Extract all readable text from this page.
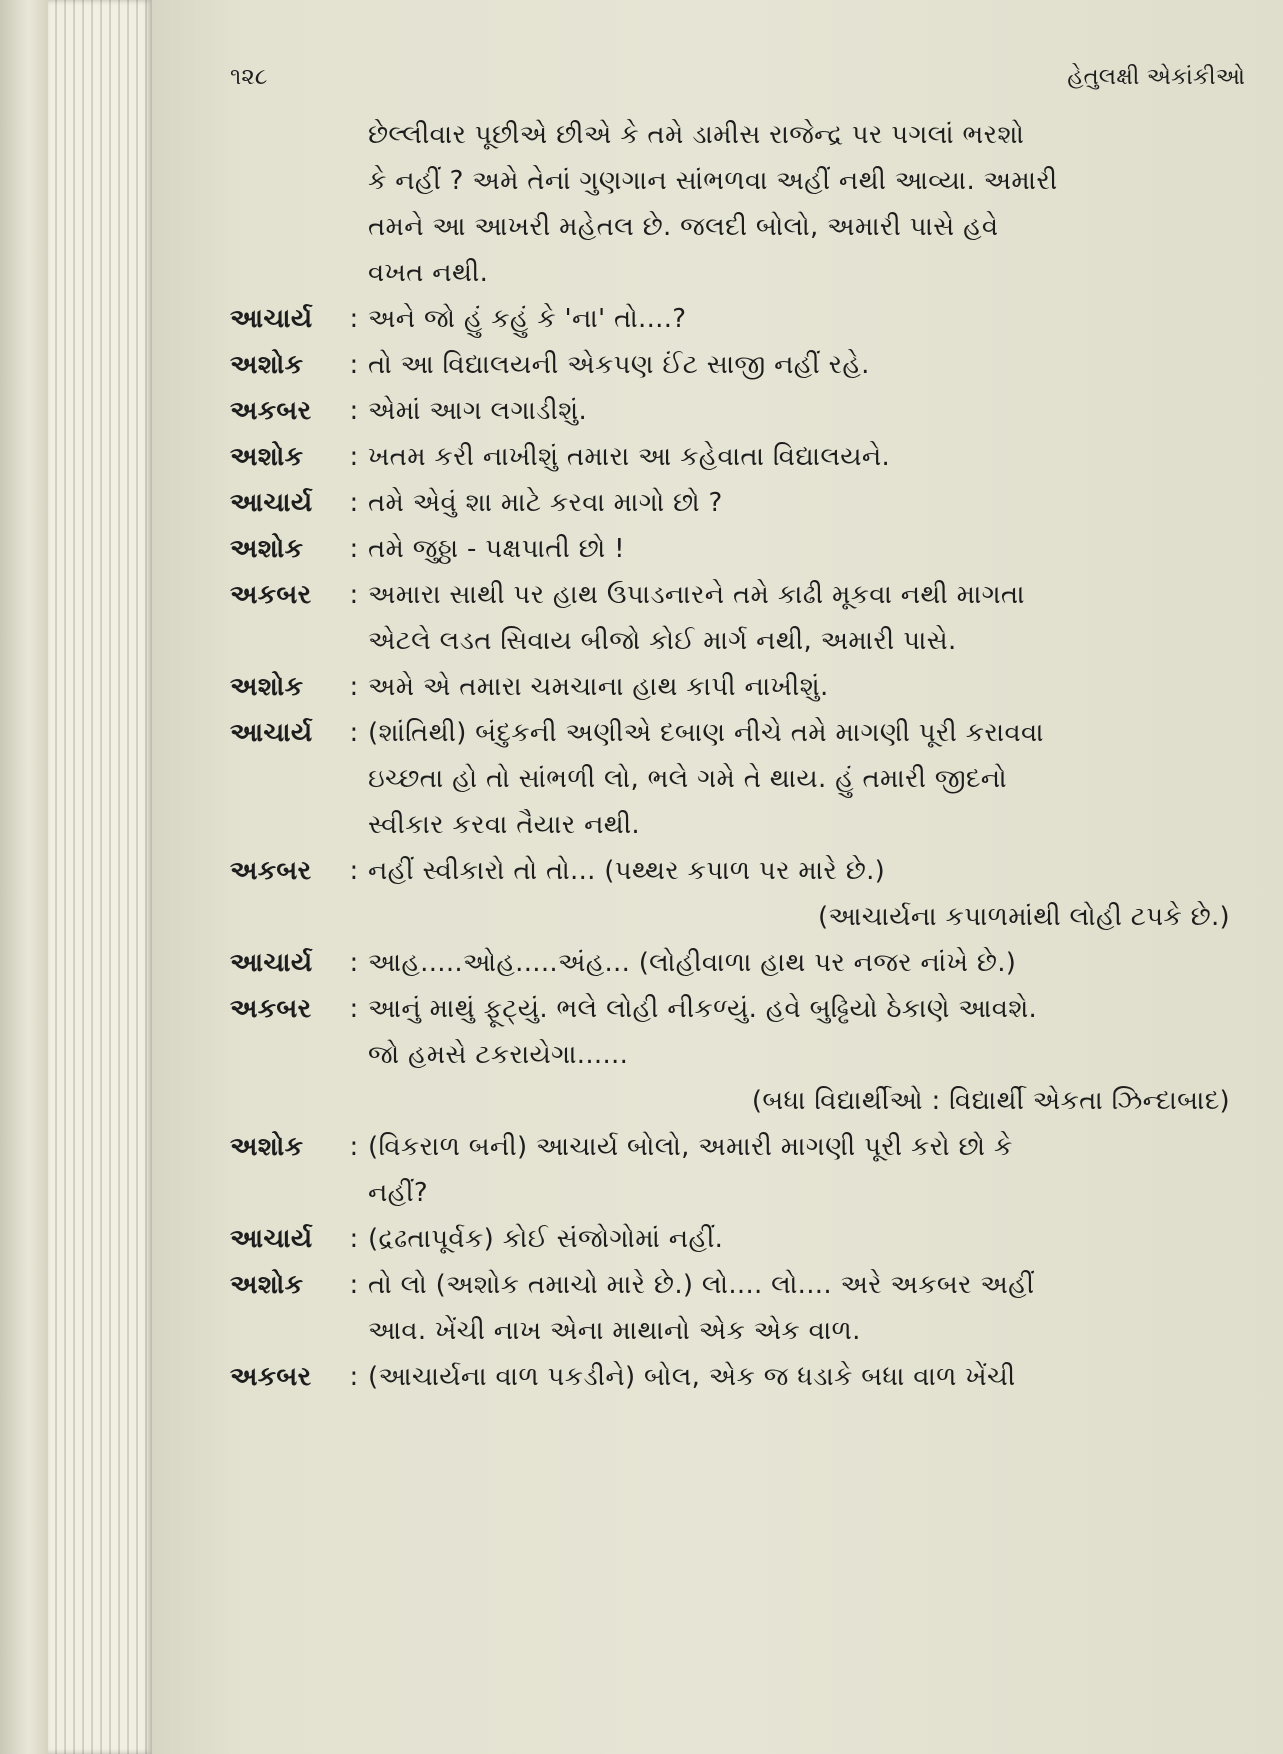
૧૨૮	હેતુલક્ષી એકાંકીઓ
છેલ્લીવાર પૂછીએ છીએ કે તમે ડામીસ રાજેન્દ્ર પર પગલાં ભરશો
કે નહીં ? અમે તેનાં ગુણગાન સાંભળવા અહીં નથી આવ્યા. અમારી
તમને આ આખરી મહેતલ છે. જલદી બોલો, અમારી પાસે હવે
વખત નથી.
આચાર્ય	: અને જો હું કહું કે 'ના' તો....?
અશોક	: તો આ વિદ્યાલયની એકપણ ઈંટ સાજી નહીં રહે.
અકબર	: એમાં આગ લગાડીશું.
અશોક	: ખતમ કરી નાખીશું તમારા આ કહેવાતા વિદ્યાલયને.
આચાર્ય	: તમે એવું શા માટે કરવા માગો છો ?
અશોક	: તમે જુઠ્ઠા - પક્ષપાતી છો !
અકબર	: અમારા સાથી પર હાથ ઉપાડનારને તમે કાઢી મૂકવા નથી માગતા
એટલે લડત સિવાય બીજો કોઈ માર્ગ નથી, અમારી પાસે.
અશોક	: અમે એ તમારા ચમચાના હાથ કાપી નાખીશું.
આચાર્ય	: (શાંતિથી) બંદુકની અણીએ દબાણ નીચે તમે માગણી પૂરી કરાવવા
ઇચ્છતા હો તો સાંભળી લો, ભલે ગમે તે થાય. હું તમારી જીદનો
સ્વીકાર કરવા તૈયાર નથી.
અકબર	: નહીં સ્વીકારો તો તો... (પથ્થર કપાળ પર મારે છે.)
(આચાર્યના કપાળમાંથી લોહી ટપકે છે.)
આચાર્ય	: આહ.....ઓહ.....અંહ... (લોહીવાળા હાથ પર નજર નાંખે છે.)
અકબર	: આનું માથું ફૂટ્યું. ભલે લોહી નીકળ્યું. હવે બુઢ્ઢિયો ઠેકાણે આવશે.
જો હમસે ટકરાયેગા......
(બધા વિદ્યાર્થીઓ : વિદ્યાર્થી એકતા ઝિન્દાબાદ)
અશોક	: (વિકરાળ બની) આચાર્ય બોલો, અમારી માગણી પૂરી કરો છો કે
નહીં?
આચાર્ય	: (દ્રઢતાપૂર્વક) કોઈ સંજોગોમાં નહીં.
અશોક	: તો લો (અશોક તમાચો મારે છે.) લો.... લો.... અરે અકબર અહીં
આવ. ખેંચી નાખ એના માથાનો એક એક વાળ.
અકબર	: (આચાર્યના વાળ પકડીને) બોલ, એક જ ધડાકે બધા વાળ ખેંચી
